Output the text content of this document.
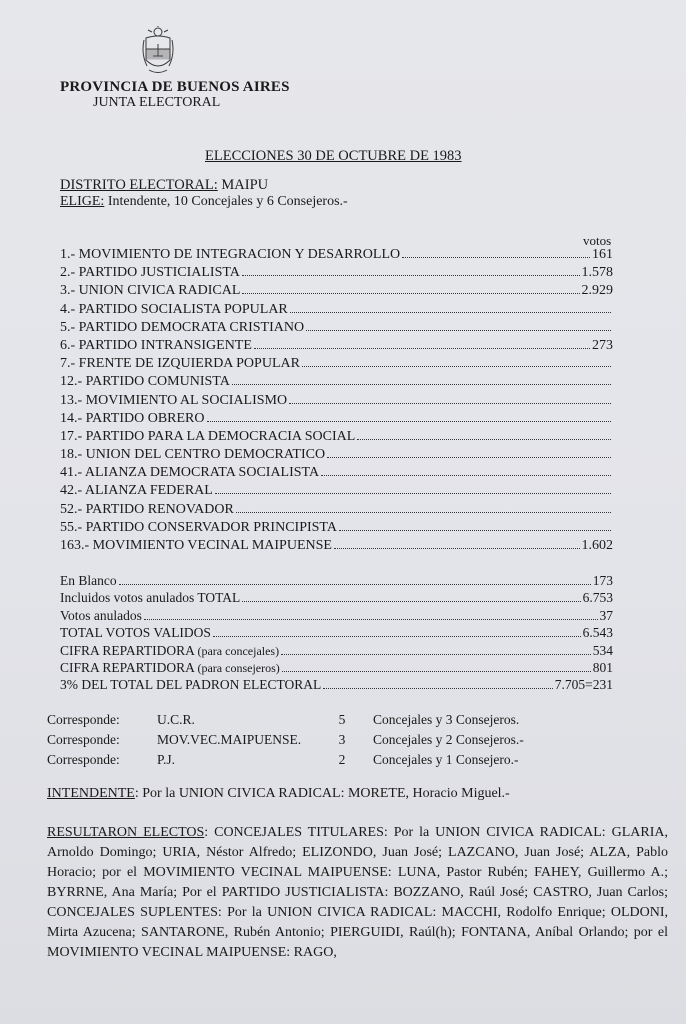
PROVINCIA DE BUENOS AIRES
JUNTA ELECTORAL
ELECCIONES 30 DE OCTUBRE DE 1983
DISTRITO ELECTORAL: MAIPU
ELIGE: Intendente, 10 Concejales y 6 Consejeros.-
votos
1.- MOVIMIENTO DE INTEGRACION Y DESARROLLO	161
2.- PARTIDO JUSTICIALISTA	1.578
3.- UNION CIVICA RADICAL	2.929
4.- PARTIDO SOCIALISTA POPULAR
5.- PARTIDO DEMOCRATA CRISTIANO
6.- PARTIDO INTRANSIGENTE	273
7.- FRENTE DE IZQUIERDA POPULAR
12.- PARTIDO COMUNISTA
13.- MOVIMIENTO AL SOCIALISMO
14.- PARTIDO OBRERO
17.- PARTIDO PARA LA DEMOCRACIA SOCIAL
18.- UNION DEL CENTRO DEMOCRATICO
41.- ALIANZA DEMOCRATA SOCIALISTA
42.- ALIANZA FEDERAL
52.- PARTIDO RENOVADOR
55.- PARTIDO CONSERVADOR PRINCIPISTA
163.- MOVIMIENTO VECINAL MAIPUENSE	1.602
En Blanco	173
Incluidos votos anulados TOTAL	6.753
Votos anulados	37
TOTAL VOTOS VALIDOS	6.543
CIFRA REPARTIDORA (para concejales)	534
CIFRA REPARTIDORA (para consejeros)	801
3% DEL TOTAL DEL PADRON ELECTORAL	7.705=231
Corresponde:	U.C.R.	5	Concejales y 3 Consejeros.
Corresponde:	MOV.VEC.MAIPUENSE.	3	Concejales y 2 Consejeros.-
Corresponde:	P.J.	2	Concejales y 1 Consejero.-
INTENDENTE: Por la UNION CIVICA RADICAL: MORETE, Horacio Miguel.-
RESULTARON ELECTOS: CONCEJALES TITULARES: Por la UNION CIVICA RADICAL: GLARIA, Arnoldo Domingo; URIA, Néstor Alfredo; ELIZONDO, Juan José; LAZCANO, Juan José; ALZA, Pablo Horacio; por el MOVIMIENTO VECINAL MAIPUENSE: LUNA, Pastor Rubén; FAHEY, Guillermo A.; BYRRNE, Ana María; Por el PARTIDO JUSTICIALISTA: BOZZANO, Raúl José; CASTRO, Juan Carlos; CONCEJALES SUPLENTES: Por la UNION CIVICA RADICAL: MACCHI, Rodolfo Enrique; OLDONI, Mirta Azucena; SANTARONE, Rubén Antonio; PIERGUIDI, Raúl(h); FONTANA, Aníbal Orlando; por el MOVIMIENTO VECINAL MAIPUENSE: RAGO,
